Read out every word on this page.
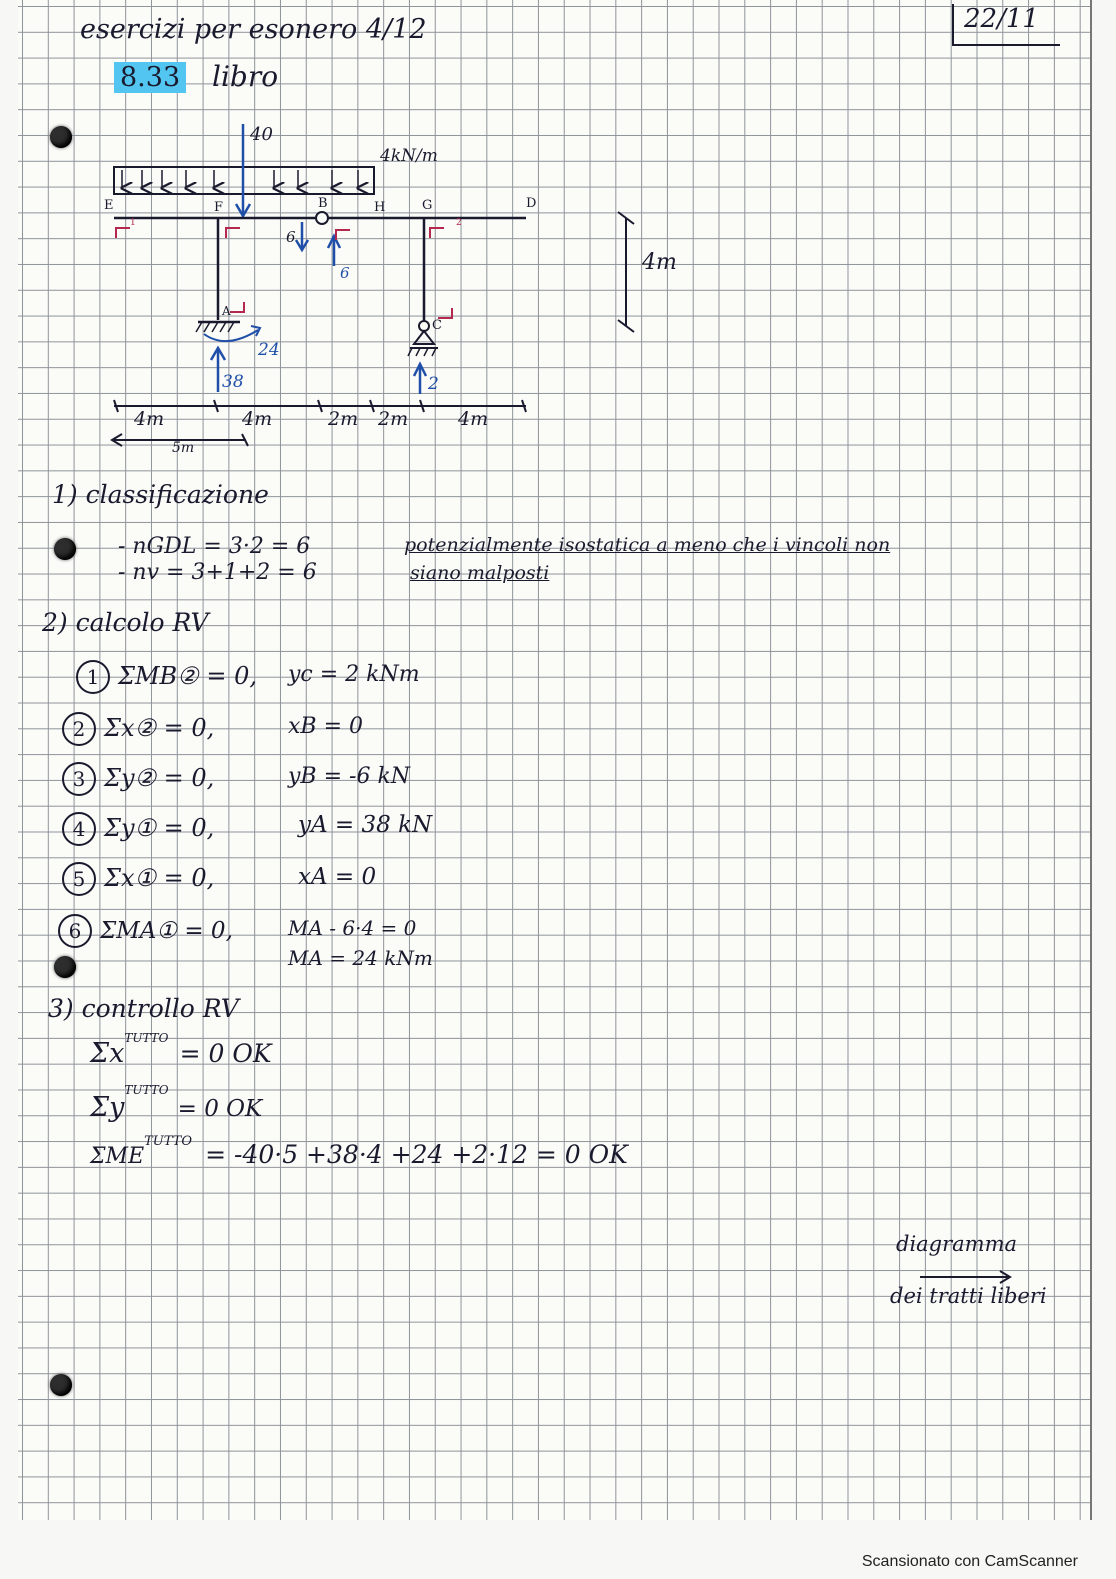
esercizi per esonero 4/12	22/11
8.33 libro
40
4kN/m
E	F	B	H	G	D
A
C
1	2
6
6
24
38	2
4m
4m	4m	2m 2m	4m
5m
1) classificazione
- nGDL = 3·2 = 6
- nv = 3+1+2 = 6
potenzialmente isostatica a meno che i vincoli non
siano malposti
2) calcolo RV
1 ΣMB② = 0, yc = 2 kNm
2 Σx② = 0,	xB = 0
3 Σy② = 0,	yB = -6 kN
4 Σy① = 0,	yA = 38 kN
5 Σx① = 0,	xA = 0
6 ΣMA① = 0,	MA - 6·4 = 0
MA = 24 kNm
3) controllo RV
$\Sigma x^{TUTTO} = 0$ OK
$\Sigma y^{TUTTO} = 0$ OK
$\Sigma ME^{TUTTO} = -40\cdot 5 +38\cdot 4 +24 +2\cdot 12 = 0$ OK
diagramma
dei tratti liberi
Scansionato con CamScanner
